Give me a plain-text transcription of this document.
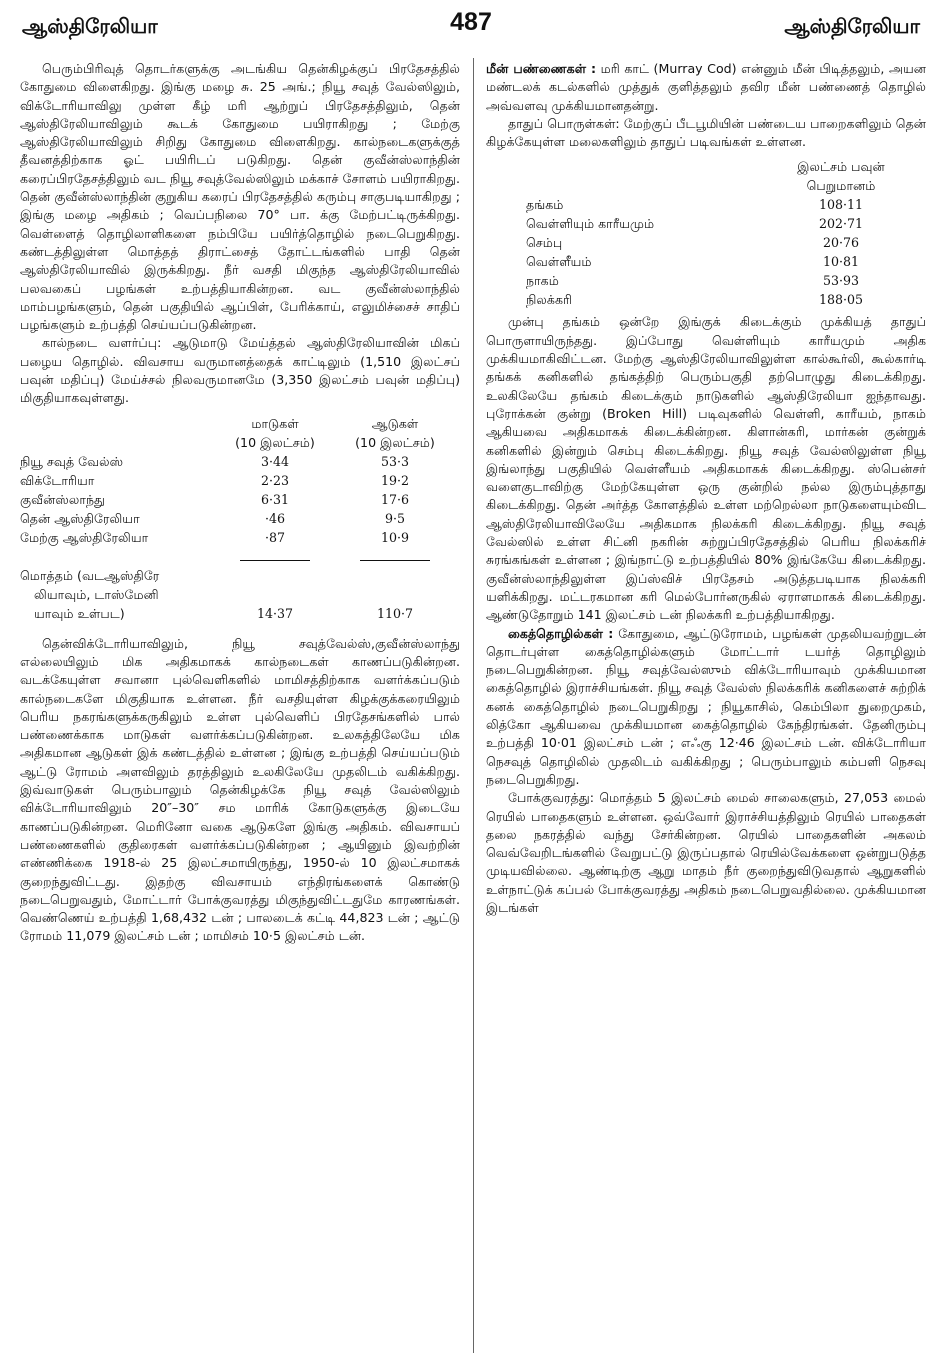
ஆஸ்திரேலியா	487	ஆஸ்திரேலியா

பெரும்பிரிவுத் தொடர்களுக்கு அடங்கிய தென்கிழக்குப் பிரதேசத்தில் கோதுமை விளைகிறது. இங்கு மழை சு. 25 அங்.; நியூ சவுத் வேல்ஸிலும், விக்டோரியாவிலு முள்ள கீழ் மரி ஆற்றுப் பிரதேசத்திலும், தென் ஆஸ்திரேலியாவிலும் கூடக் கோதுமை பயிராகிறது ; மேற்கு ஆஸ்திரேலியாவிலும் சிறிது கோதுமை விளைகிறது. கால்நடைகளுக்குத் தீவனத்திற்காக ஓட் பயிரிடப் படுகிறது. தென் குவீன்ஸ்லாந்தின் கரைப்பிரதேசத்திலும் வட நியூ சவுத்வேல்ஸிலும் மக்காச் சோளம் பயிராகிறது. தென் குவீன்ஸ்லாந்தின் குறுகிய கரைப் பிரதேசத்தில் கரும்பு சாகுபடியாகிறது ; இங்கு மழை அதிகம் ; வெப்பநிலை 70° பா. க்கு மேற்பட்டிருக்கிறது. வெள்ளைத் தொழிலாளிகளை நம்பியே பயிர்த்தொழில் நடைபெறுகிறது. கண்டத்திலுள்ள மொத்தத் திராட்சைத் தோட்டங்களில் பாதி தென் ஆஸ்திரேலியாவில் இருக்கிறது. நீர் வசதி மிகுந்த ஆஸ்திரேலியாவில் பலவகைப் பழங்கள் உற்பத்தியாகின்றன. வட குவீன்ஸ்லாந்தில் மாம்பழங்களும், தென் பகுதியில் ஆப்பிள், பேரிக்காய், எலுமிச்சைச் சாதிப் பழங்களும் உற்பத்தி செய்யப்படுகின்றன.

கால்நடை வளர்ப்பு: ஆடுமாடு மேய்த்தல் ஆஸ்திரேலியாவின் மிகப் பழைய தொழில். விவசாய வருமானத்தைக் காட்டிலும் (1,510 இலட்சப் பவுன் மதிப்பு) மேய்ச்சல் நிலவருமானமே (3,350 இலட்சம் பவுன் மதிப்பு) மிகுதியாகவுள்ளது.

	மாடுகள்	ஆடுகள்
	(10 இலட்சம்)	(10 இலட்சம்)
நியூ சவுத் வேல்ஸ்	3·44	53·3
விக்டோரியா	2·23	19·2
குவீன்ஸ்லாந்து	6·31	17·6
தென் ஆஸ்திரேலியா	·46	9·5
மேற்கு ஆஸ்திரேலியா	·87	10·9

மொத்தம் (வடஆஸ்திரே
லியாவும், டாஸ்மேனி
யாவும் உள்பட)	14·37	110·7

தென்விக்டோரியாவிலும், நியூ சவுத்வேல்ஸ்,குவீன்ஸ்லாந்து எல்லையிலும் மிக அதிகமாகக் கால்நடைகள் காணப்படுகின்றன. வடக்கேயுள்ள சவானா புல்வெளிகளில் மாமிசத்திற்காக வளர்க்கப்படும் கால்நடைகளே மிகுதியாக உள்ளன. நீர் வசதியுள்ள கிழக்குக்கரையிலும் பெரிய நகரங்களுக்கருகிலும் உள்ள புல்வெளிப் பிரதேசங்களில் பால் பண்ணைக்காக மாடுகள் வளர்க்கப்படுகின்றன. உலகத்திலேயே மிக அதிகமான ஆடுகள் இக் கண்டத்தில் உள்ளன ; இங்கு உற்பத்தி செய்யப்படும் ஆட்டு ரோமம் அளவிலும் தரத்திலும் உலகிலேயே முதலிடம் வகிக்கிறது. இவ்வாடுகள் பெரும்பாலும் தென்கிழக்கே நியூ சவுத் வேல்ஸிலும் விக்டோரியாவிலும் 20″–30″ சம மாரிக் கோடுகளுக்கு இடையே காணப்படுகின்றன. மெரினோ வகை ஆடுகளே இங்கு அதிகம். விவசாயப் பண்ணைகளில் குதிரைகள் வளர்க்கப்படுகின்றன ; ஆயினும் இவற்றின் எண்ணிக்கை 1918-ல் 25 இலட்சமாயிருந்து, 1950-ல் 10 இலட்சமாகக் குறைந்துவிட்டது. இதற்கு விவசாயம் எந்திரங்களைக் கொண்டு நடைபெறுவதும், மோட்டார் போக்குவரத்து மிகுந்துவிட்டதுமே காரணங்கள். வெண்ணெய் உற்பத்தி 1,68,432 டன் ; பாலடைக் கட்டி 44,823 டன் ; ஆட்டு ரோமம் 11,079 இலட்சம் டன் ; மாமிசம் 10·5 இலட்சம் டன்.

மீன் பண்ணைகள் : மரி காட் (Murray Cod) என்னும் மீன் பிடித்தலும், அயன மண்டலக் கடல்களில் முத்துக் குளித்தலும் தவிர மீன் பண்ணைத் தொழில் அவ்வளவு முக்கியமானதன்று.

தாதுப் பொருள்கள்: மேற்குப் பீடபூமியின் பண்டைய பாறைகளிலும் தென் கிழக்கேயுள்ள மலைகளிலும் தாதுப் படிவங்கள் உள்ளன.

	இலட்சம் பவுன்
	பெறுமானம்
தங்கம்	108·11
வெள்ளியும் காரீயமும்	202·71
செம்பு	20·76
வெள்ளீயம்	10·81
நாகம்	53·93
நிலக்கரி	188·05

முன்பு தங்கம் ஒன்றே இங்குக் கிடைக்கும் முக்கியத் தாதுப் பொருளாயிருந்தது. இப்போது வெள்ளியும் காரீயமும் அதிக முக்கியமாகிவிட்டன. மேற்கு ஆஸ்திரேலியாவிலுள்ள கால்கூர்லி, கூல்கார்டி தங்கக் கனிகளில் தங்கத்திற் பெரும்பகுதி தற்பொழுது கிடைக்கிறது. உலகிலேயே தங்கம் கிடைக்கும் நாடுகளில் ஆஸ்திரேலியா ஐந்தாவது. புரோக்கன் குன்று (Broken Hill) படிவுகளில் வெள்ளி, காரீயம், நாகம் ஆகியவை அதிகமாகக் கிடைக்கின்றன. கிளான்கரி, மார்கன் குன்றுக் கனிகளில் இன்றும் செம்பு கிடைக்கிறது. நியூ சவுத் வேல்ஸிலுள்ள நியூ இங்லாந்து பகுதியில் வெள்ளீயம் அதிகமாகக் கிடைக்கிறது. ஸ்பென்சர் வளைகுடாவிற்கு மேற்கேயுள்ள ஒரு குன்றில் நல்ல இரும்புத்தாது கிடைக்கிறது. தென் அர்த்த கோளத்தில் உள்ள மற்றெல்லா நாடுகளையும்விட ஆஸ்திரேலியாவிலேயே அதிகமாக நிலக்கரி கிடைக்கிறது. நியூ சவுத் வேல்ஸில் உள்ள சிட்னி நகரின் சுற்றுப்பிரதேசத்தில் பெரிய நிலக்கரிச் சுரங்கங்கள் உள்ளன ; இங்நாட்டு உற்பத்தியில் 80% இங்கேயே கிடைக்கிறது. குவீன்ஸ்லாந்திலுள்ள இப்ஸ்விச் பிரதேசம் அடுத்தபடியாக நிலக்கரி யளிக்கிறது. மட்டரகமான கரி மெல்போர்னருகில் ஏராளமாகக் கிடைக்கிறது. ஆண்டுதோறும் 141 இலட்சம் டன் நிலக்கரி உற்பத்தியாகிறது.

கைத்தொழில்கள் : கோதுமை, ஆட்டுரோமம், பழங்கள் முதலியவற்றுடன் தொடர்புள்ள கைத்தொழில்களும் மோட்டார் டயர்த் தொழிலும் நடைபெறுகின்றன. நியூ சவுத்வேல்ஸும் விக்டோரியாவும் முக்கியமான கைத்தொழில் இராச்சியங்கள். நியூ சவுத் வேல்ஸ் நிலக்கரிக் கனிகளைச் சுற்றிக் கனக் கைத்தொழில் நடைபெறுகிறது ; நியூகாசில், கெம்பிலா துறைமுகம், லித்கோ ஆகியவை முக்கியமான கைத்தொழில் கேந்திரங்கள். தேனிரும்பு உற்பத்தி 10·01 இலட்சம் டன் ; எஃகு 12·46 இலட்சம் டன். விக்டோரியா நெசவுத் தொழிலில் முதலிடம் வகிக்கிறது ; பெரும்பாலும் கம்பளி நெசவு நடைபெறுகிறது.

போக்குவரத்து: மொத்தம் 5 இலட்சம் மைல் சாலைகளும், 27,053 மைல் ரெயில் பாதைகளும் உள்ளன. ஒவ்வோர் இராச்சியத்திலும் ரெயில் பாதைகள் தலை நகரத்தில் வந்து சேர்கின்றன. ரெயில் பாதைகளின் அகலம் வெவ்வேறிடங்களில் வேறுபட்டு இருப்பதால் ரெயில்வேக்களை ஒன்றுபடுத்த முடியவில்லை. ஆண்டிற்கு ஆறு மாதம் நீர் குறைந்துவிடுவதால் ஆறுகளில் உள்நாட்டுக் கப்பல் போக்குவரத்து அதிகம் நடைபெறுவதில்லை. முக்கியமான இடங்கள்
